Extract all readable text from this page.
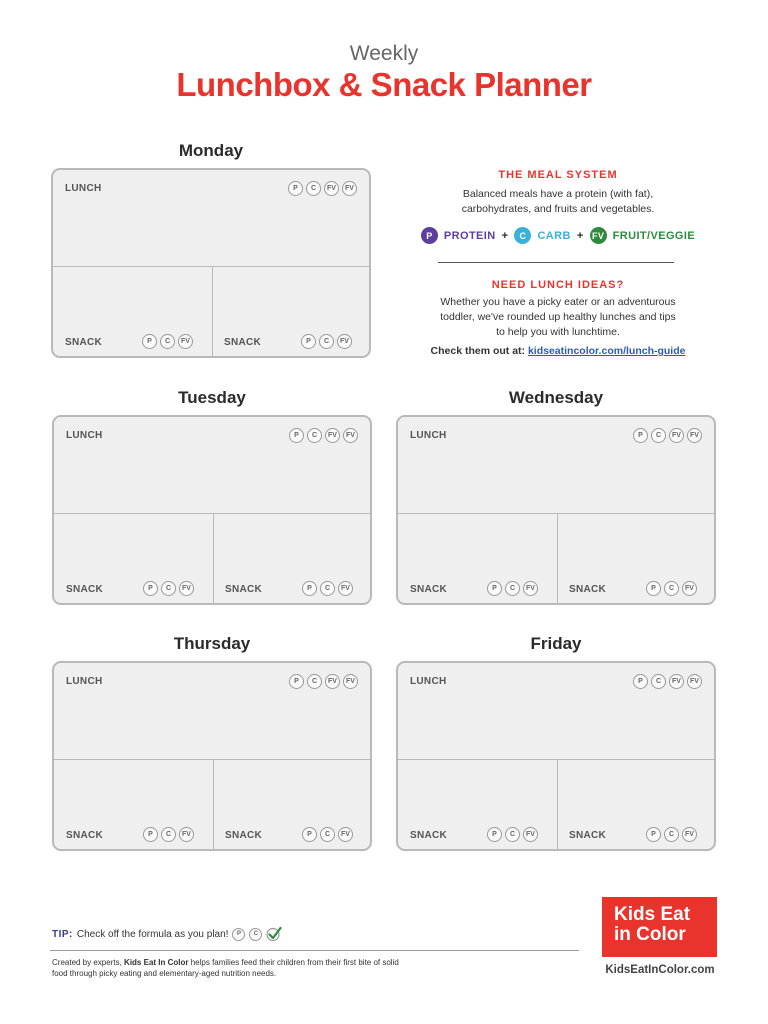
Weekly
Lunchbox & Snack Planner
Monday
LUNCH	P	C	FV	FV
SNACK	P	C	FV	SNACK	P	C	FV
THE MEAL SYSTEM
Balanced meals have a protein (with fat), carbohydrates, and fruits and vegetables.
P	PROTEIN +	C	CARB + FV FRUIT/VEGGIE
NEED LUNCH IDEAS?
Whether you have a picky eater or an adventurous toddler, we've rounded up healthy lunches and tips to help you with lunchtime.
Check them out at: kidseatincolor.com/lunch-guide
Tuesday
LUNCH	P	C	FV	FV
SNACK	P	C	FV	SNACK	P	C	FV
Wednesday
LUNCH	P	C	FV	FV
SNACK	P	C	FV	SNACK	P	C	FV
Thursday
LUNCH	P	C	FV	FV
SNACK	P	C	FV	SNACK	P	C	FV
Friday
LUNCH	P	C	FV	FV
SNACK	P	C	FV	SNACK	P	C	FV
TIP: Check off the formula as you plan!	P	C
Created by experts, Kids Eat In Color helps families feed their children from their first bite of solid food through picky eating and elementary-aged nutrition needs.
Kids Eat
in Color
KidsEatInColor.com
